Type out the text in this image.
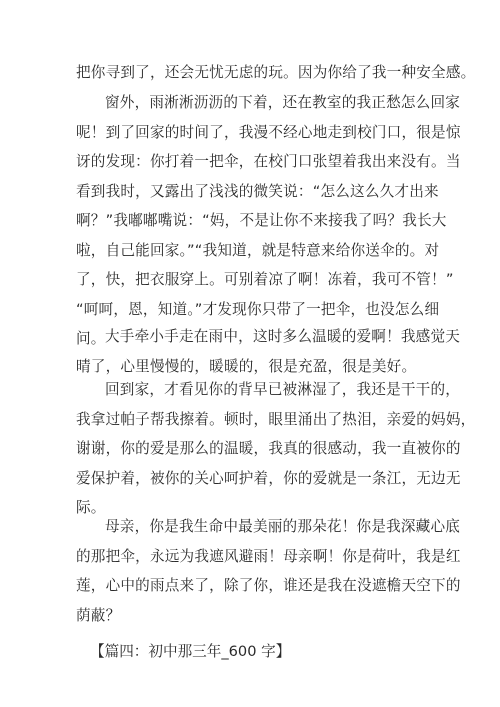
把你寻到了，还会无忧无虑的玩。因为你给了我一种安全感。

窗外，雨淅淅沥沥的下着，还在教室的我正愁怎么回家
呢！到了回家的时间了，我漫不经心地走到校门口，很是惊
讶的发现：你打着一把伞，在校门口张望着我出来没有。当
看到我时，又露出了浅浅的微笑说：“怎么这么久才出来
啊？”我嘟嘟嘴说：“妈，不是让你不来接我了吗？我长大
啦，自己能回家。”“我知道，就是特意来给你送伞的。对
了，快，把衣服穿上。可别着凉了啊！冻着，我可不管！”
“呵呵，恩，知道。”才发现你只带了一把伞，也没怎么细
问。 大手牵小手走在雨中，这时多么温暖的爱啊！我感觉天
晴了，心里慢慢的，暖暖的，很是充盈，很是美好。

回到家，才看见你的背早已被淋湿了，我还是干干的，
我拿过帕子帮我擦着。顿时，眼里涌出了热泪，亲爱的妈妈，
谢谢，你的爱是那么的温暖，我真的很感动，我一直被你的
爱保护着，被你的关心呵护着，你的爱就是一条江，无边无
际。

母亲，你是我生命中最美丽的那朵花！你是我深藏心底
的那把伞，永远为我遮风避雨！母亲啊！你是荷叶，我是红
莲，心中的雨点来了，除了你，谁还是我在没遮檐天空下的
荫蔽？

【篇四：初中那三年_600 字】
